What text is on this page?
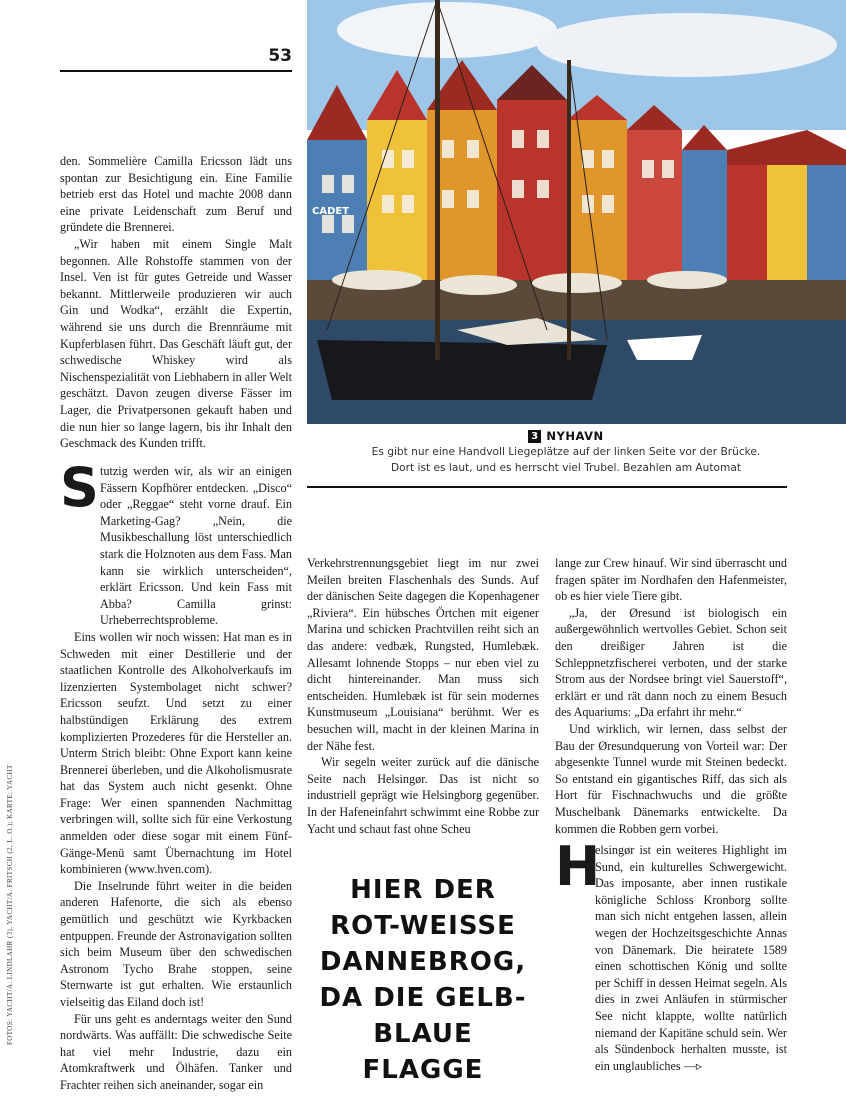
53
CADET
3 NYHAVN
Es gibt nur eine Handvoll Liegeplätze auf der linken Seite vor der Brücke.
Dort ist es laut, und es herrscht viel Trubel. Bezahlen am Automat

den. Sommelière Camilla Ericsson lädt uns spontan zur Besichtigung ein. Eine Familie betrieb erst das Hotel und machte 2008 dann eine private Leidenschaft zum Beruf und gründete die Brennerei.

„Wir haben mit einem Single Malt begonnen. Alle Rohstoffe stammen von der Insel. Ven ist für gutes Getreide und Wasser bekannt. Mittlerweile produzieren wir auch Gin und Wodka“, erzählt die Expertin, während sie uns durch die Brennräume mit Kupferblasen führt. Das Geschäft läuft gut, der schwedische Whiskey wird als Nischenspezialität von Liebhabern in aller Welt geschätzt. Davon zeugen diverse Fässer im Lager, die Privatpersonen gekauft haben und die nun hier so lange lagern, bis ihr Inhalt den Geschmack des Kunden trifft.

S tutzig werden wir, als wir an einigen Fässern Kopfhörer entdecken. „Disco“ oder „Reggae“ steht vorne drauf. Ein Marketing-Gag? „Nein, die Musikbeschallung löst unterschiedlich stark die Holznoten aus dem Fass. Man kann sie wirklich unterscheiden“, erklärt Ericsson. Und kein Fass mit Abba? Camilla grinst: Urheberrechtsprobleme.

Eins wollen wir noch wissen: Hat man es in Schweden mit einer Destillerie und der staatlichen Kontrolle des Alkoholverkaufs im lizenzierten Systembolaget nicht schwer? Ericsson seufzt. Und setzt zu einer halbstündigen Erklärung des extrem komplizierten Prozederes für die Hersteller an. Unterm Strich bleibt: Ohne Export kann keine Brennerei überleben, und die Alkoholismusrate hat das System auch nicht gesenkt. Ohne Frage: Wer einen spannenden Nachmittag verbringen will, sollte sich für eine Verkostung anmelden oder diese sogar mit einem Fünf-Gänge-Menü samt Übernachtung im Hotel kombinieren (www.hven.com).

Die Inselrunde führt weiter in die beiden anderen Hafenorte, die sich als ebenso gemütlich und geschützt wie Kyrkbacken entpuppen. Freunde der Astronavigation sollten sich beim Museum über den schwedischen Astronom Tycho Brahe stoppen, seine Sternwarte ist gut erhalten. Wie erstaunlich vielseitig das Eiland doch ist!

Für uns geht es anderntags weiter den Sund nordwärts. Was auffällt: Die schwedische Seite hat viel mehr Industrie, dazu ein Atomkraftwerk und Ölhäfen. Tanker und Frachter reihen sich aneinander, sogar ein

Verkehrstrennungsgebiet liegt im nur zwei Meilen breiten Flaschenhals des Sunds. Auf der dänischen Seite dagegen die Kopenhagener „Riviera“. Ein hübsches Örtchen mit eigener Marina und schicken Prachtvillen reiht sich an das andere: vedbæk, Rungsted, Humlebæk. Allesamt lohnende Stopps – nur eben viel zu dicht hintereinander. Man muss sich entscheiden. Humlebæk ist für sein modernes Kunstmuseum „Louisiana“ berühmt. Wer es besuchen will, macht in der kleinen Marina in der Nähe fest.

Wir segeln weiter zurück auf die dänische Seite nach Helsingør. Das ist nicht so industriell geprägt wie Helsingborg gegenüber. In der Hafeneinfahrt schwimmt eine Robbe zur Yacht und schaut fast ohne Scheu

HIER DER ROT-WEISSE DANNEBROG, DA DIE GELB-BLAUE FLAGGE

lange zur Crew hinauf. Wir sind überrascht und fragen später im Nordhafen den Hafenmeister, ob es hier viele Tiere gibt.

„Ja, der Øresund ist biologisch ein außergewöhnlich wertvolles Gebiet. Schon seit den dreißiger Jahren ist die Schleppnetzfischerei verboten, und der starke Strom aus der Nordsee bringt viel Sauerstoff“, erklärt er und rät dann noch zu einem Besuch des Aquariums: „Da erfahrt ihr mehr.“

Und wirklich, wir lernen, dass selbst der Bau der Øresundquerung von Vorteil war: Der abgesenkte Tunnel wurde mit Steinen bedeckt. So entstand ein gigantisches Riff, das sich als Hort für Fischnachwuchs und die größte Muschelbank Dänemarks entwickelte. Da kommen die Robben gern vorbei.

H
elsingør ist ein weiteres Highlight im Sund, ein kulturelles Schwergewicht. Das imposante, aber innen rustikale königliche Schloss Kronborg sollte man sich nicht entgehen lassen, allein wegen der Hochzeitsgeschichte Annas von Dänemark. Die heiratete 1589 einen schottischen König und sollte per Schiff in dessen Heimat segeln. Als dies in zwei Anläufen in stürmischer See nicht klappte, wollte natürlich niemand der Kapitäne schuld sein. Wer als Sündenbock herhalten musste, ist ein unglaubliches —▹
FOTOS: YACHT/A. LINDLAHR (3), YACHT/A. FRITSCH (2, L. O.); KARTE: YACHT
